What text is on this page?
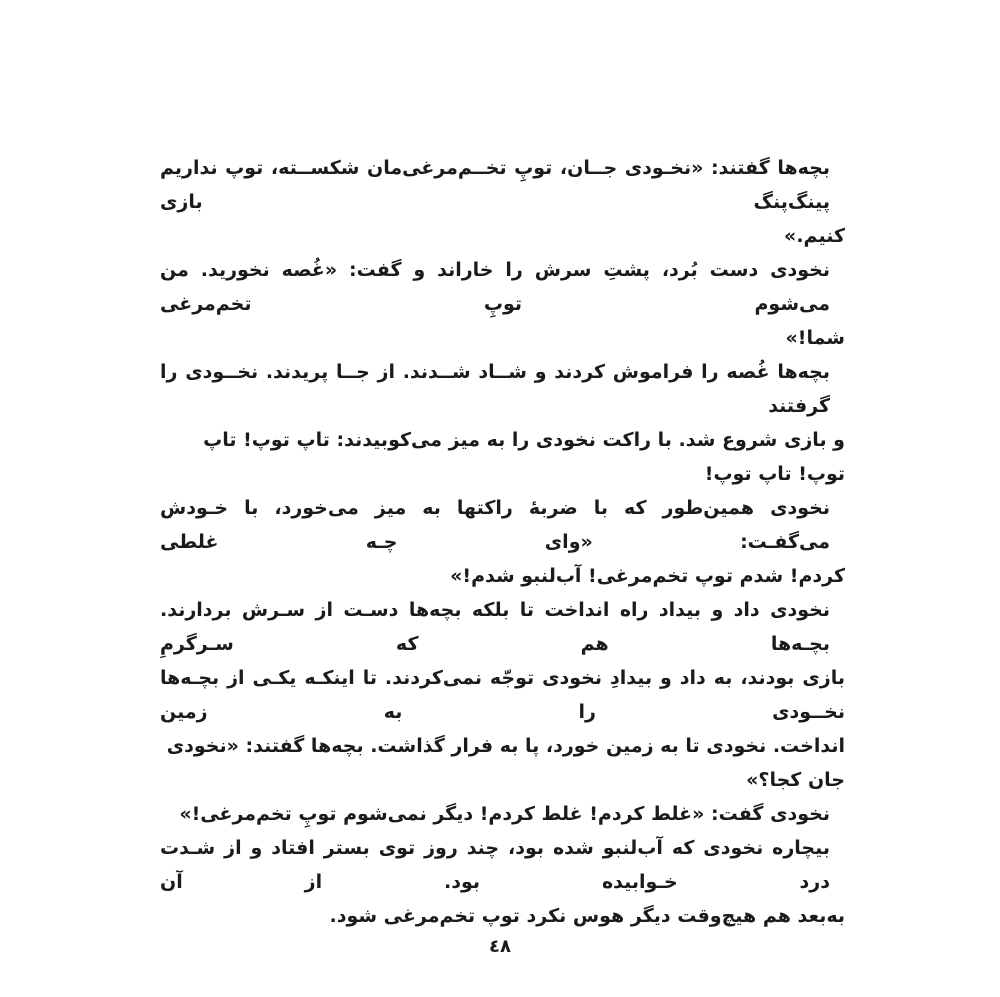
بچه‌ها گفتند: «نخـودی جــان، توپِ تخــم‌مرغی‌مان شکســته، توپ نداریم پینگ‌پنگ بازی
کنیم.»
نخودی دست بُرد، پشتِ سرش را خاراند و گفت: «غُصه نخورید. من می‌شوم توپِ تخم‌مرغی
شما!»
بچه‌ها غُصه را فراموش کردند و شــاد شــدند. از جــا پریدند. نخــودی را گرفتند
و بازی شروع شد. با راکت نخودی را به میز می‌کوبیدند: تاپ توپ! تاپ توپ! تاپ توپ!
نخودی همین‌طور که با ضربهٔ راکتها به میز می‌خورد، با خـودش می‌گفـت: «وای چـه غلطی
کردم! شدم توپ تخم‌مرغی! آب‌لنبو شدم!»
نخودی داد و بیداد راه انداخت تا بلکه بچه‌ها دسـت از سـرش بردارند. بچـه‌ها هم که سـرگرمِ
بازی بودند، به داد و بیدادِ نخودی توجّه نمی‌کردند. تا اینکـه یکـی از بچـه‌ها نخــودی را به زمین
انداخت. نخودی تا به زمین خورد، پا به فرار گذاشت. بچه‌ها گفتند: «نخودی جان کجا؟»
نخودی گفت: «غلط کردم! غلط کردم! دیگر نمی‌شوم توپِ تخم‌مرغی!»
بیچاره نخودی که آب‌لنبو شده بود، چند روز توی بستر افتاد و از شـدت درد خـوابیده بود. از آن
به‌بعد هم هیچ‌وقت دیگر هوس نکرد توپ تخم‌مرغی شود.
٤٨
